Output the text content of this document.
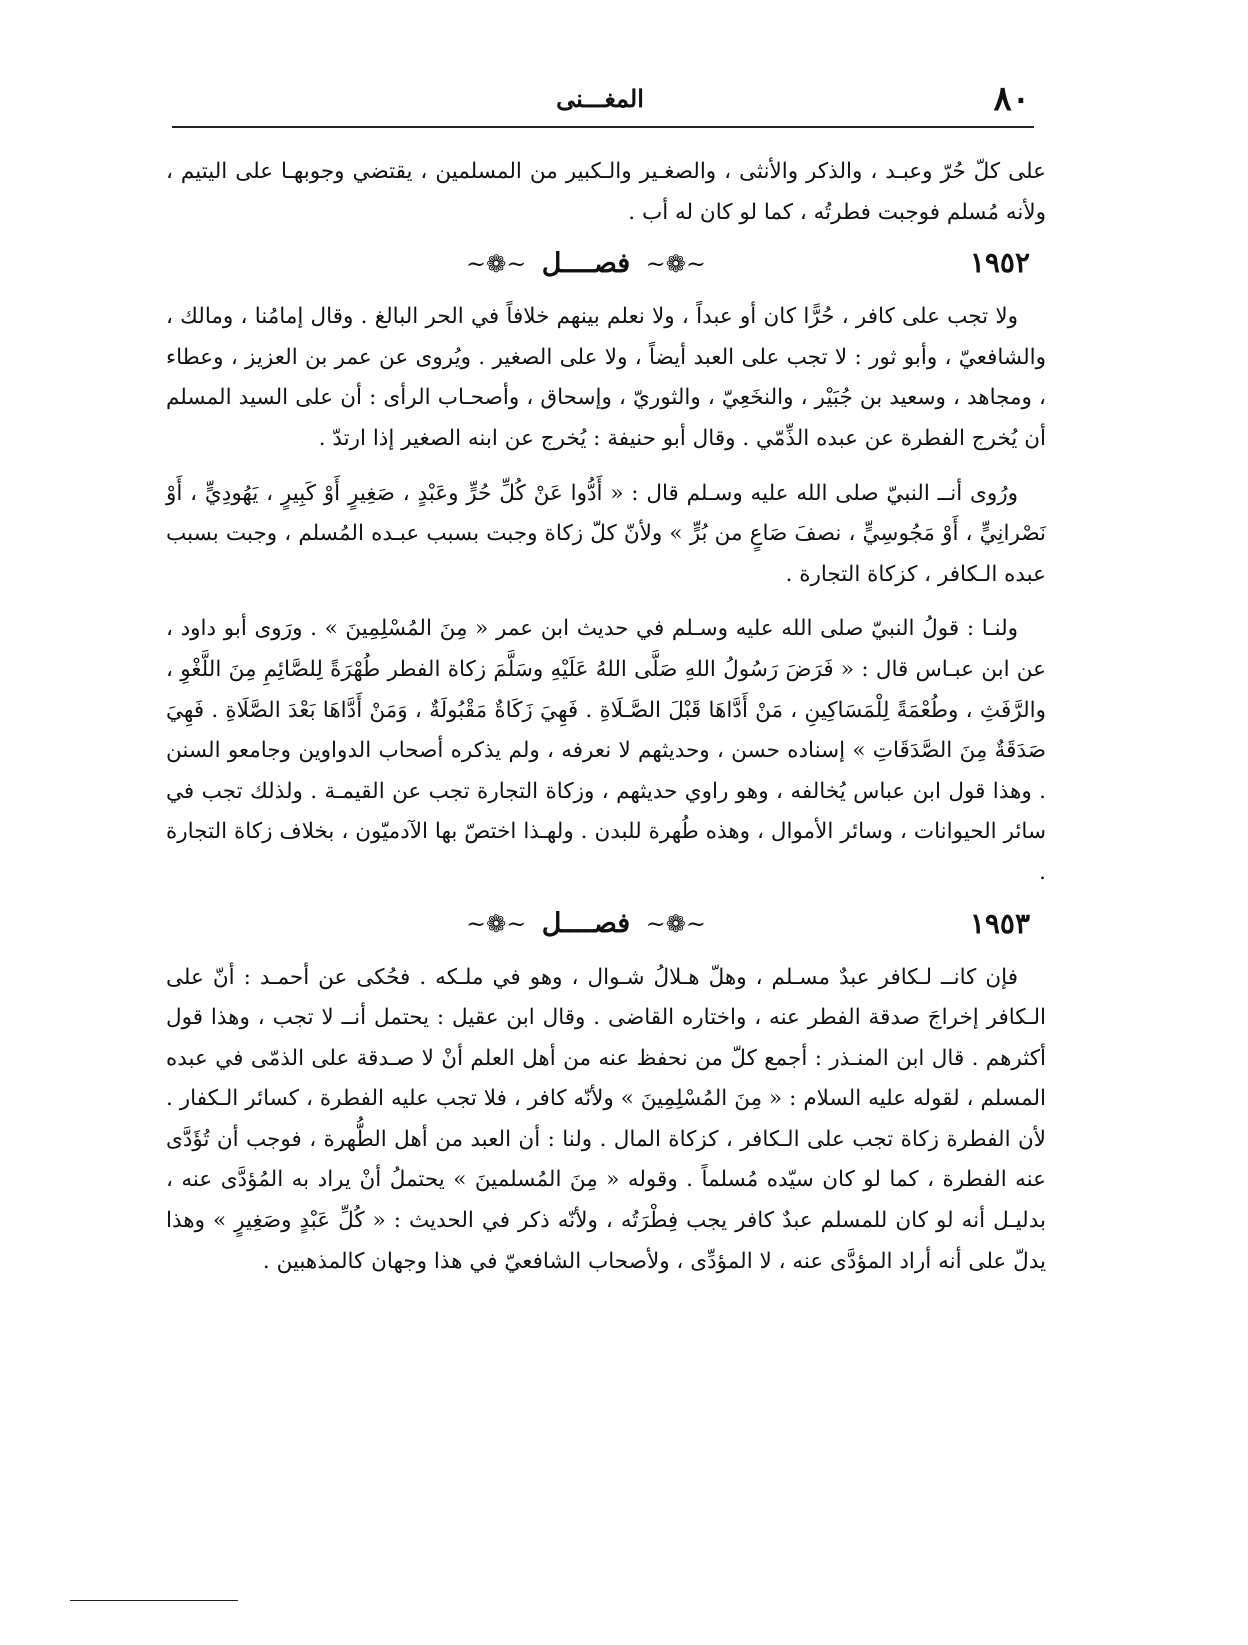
٨٠
المغـــنى

على كلّ حُرّ وعبـد ، والذكر والأنثى ، والصغـير والـكبير من المسلمين ، يقتضي وجوبهـا على اليتيم ، ولأنه مُسلم فوجبت فطرتُه ، كما لو كان له أب .

١٩٥٢
~❁~ فصــــل ~❁~

ولا تجب على كافر ، حُرًّا كان أو عبداً ، ولا نعلم بينهم خلافاً في الحر البالغ . وقال إمامُنا ، ومالك ، والشافعيّ ، وأبو ثور : لا تجب على العبد أيضاً ، ولا على الصغير . ويُروى عن عمر بن العزيز ، وعطاء ، ومجاهد ، وسعيد بن جُبَيْر ، والنخَعِيّ ، والثوريّ ، وإسحاق ، وأصحـاب الرأى : أن على السيد المسلم أن يُخرج الفطرة عن عبده الذِّمّي . وقال أبو حنيفة : يُخرج عن ابنه الصغير إذا ارتدّ .

ورُوى أنــ النبيّ صلى الله عليه وسـلم قال : « أَدُّوا عَنْ كُلِّ حُرٍّ وعَبْدٍ ، صَغِيرٍ أَوْ كَبِيرٍ ، يَهُودِيٍّ ، أَوْ نَصْرانِيٍّ ، أَوْ مَجُوسِيٍّ ، نصفَ صَاعٍ من بُرٍّ » ولأنّ كلّ زكاة وجبت بسبب عبـده المُسلم ، وجبت بسبب عبده الـكافر ، كزكاة التجارة .

ولنـا : قولُ النبيّ صلى الله عليه وسـلم في حديث ابن عمر « مِنَ المُسْلِمِينَ » . ورَوى أبو داود ، عن ابن عبـاس قال : « فَرَضَ رَسُولُ اللهِ صَلَّى اللهُ عَلَيْهِ وسَلَّمَ زكاة الفطر طُهْرَةً لِلصَّائِمِ مِنَ اللَّغْوِ ، والرَّفَثِ ، وطُعْمَةً لِلْمَسَاكِينِ ، مَنْ أَدَّاهَا قَبْلَ الصَّـلَاةِ . فَهِيَ زَكَاةٌ مَقْبُولَةٌ ، وَمَنْ أَدَّاهَا بَعْدَ الصَّلَاةِ . فَهِيَ صَدَقَةٌ مِنَ الصَّدَقَاتِ » إسناده حسن ، وحديثهم لا نعرفه ، ولم يذكره أصحاب الدواوين وجامعو السنن . وهذا قول ابن عباس يُخالفه ، وهو راوي حديثهم ، وزكاة التجارة تجب عن القيمـة . ولذلك تجب في سائر الحيوانات ، وسائر الأموال ، وهذه طُهرة للبدن . ولهـذا اختصّ بها الآدميّون ، بخلاف زكاة التجارة .

١٩٥٣
~❁~ فصــــل ~❁~

فإن كانــ لـكافر عبدٌ مسـلم ، وهلّ هـلالُ شـوال ، وهو في ملـكه . فحُكى عن أحمـد : أنّ على الـكافر إخراجَ صدقة الفطر عنه ، واختاره القاضى . وقال ابن عقيل : يحتمل أنــ لا تجب ، وهذا قول أكثرهم . قال ابن المنـذر : أجمع كلّ من نحفظ عنه من أهل العلم أنْ لا صـدقة على الذمّى في عبده المسلم ، لقوله عليه السلام : « مِنَ المُسْلِمِينَ » ولأنّه كافر ، فلا تجب عليه الفطرة ، كسائر الـكفار . لأن الفطرة زكاة تجب على الـكافر ، كزكاة المال . ولنا : أن العبد من أهل الطُّهرة ، فوجب أن تُؤَدَّى عنه الفطرة ، كما لو كان سيّده مُسلماً . وقوله « مِنَ المُسلمينَ » يحتملُ أنْ يراد به المُؤدَّى عنه ، بدليـل أنه لو كان للمسلم عبدٌ كافر يجب فِطْرَتُه ، ولأنّه ذكر في الحديث : « كُلِّ عَبْدٍ وصَغِيرٍ » وهذا يدلّ على أنه أراد المؤدَّى عنه ، لا المؤدِّى ، ولأصحاب الشافعيّ في هذا وجهان كالمذهبين .
